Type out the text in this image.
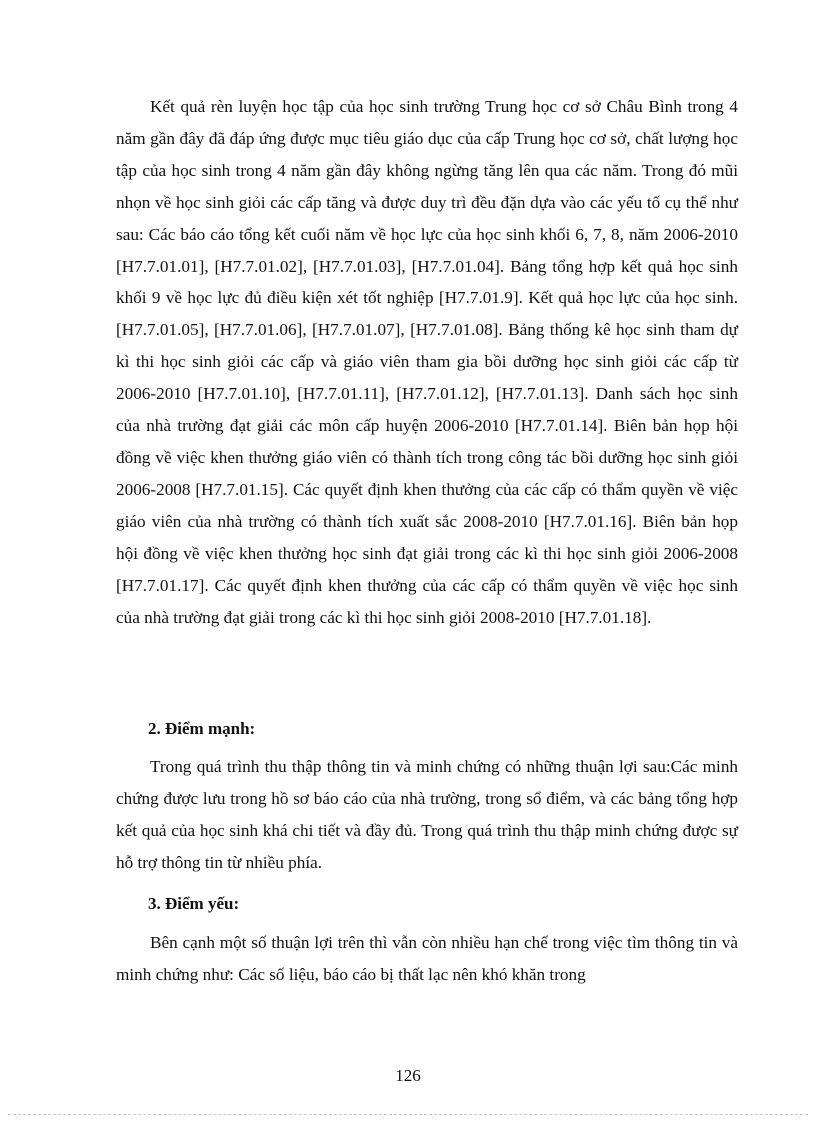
Kết quả rèn luyện học tập của học sinh trường Trung học cơ sở Châu Bình trong 4 năm gần đây đã đáp ứng được mục tiêu giáo dục của cấp Trung học cơ sở, chất lượng học tập của học sinh trong 4 năm gần đây không ngừng tăng lên qua các năm. Trong đó mũi nhọn về học sinh giỏi các cấp tăng và được duy trì đều đặn dựa vào các yếu tố cụ thể như sau: Các báo cáo tổng kết cuối năm về học lực của học sinh khối 6, 7, 8, năm 2006-2010 [H7.7.01.01], [H7.7.01.02], [H7.7.01.03], [H7.7.01.04]. Bảng tổng hợp kết quả học sinh khối 9 về học lực đủ điều kiện xét tốt nghiệp [H7.7.01.9]. Kết quả học lực của học sinh. [H7.7.01.05], [H7.7.01.06], [H7.7.01.07], [H7.7.01.08]. Bảng thống kê học sinh tham dự kì thi học sinh giỏi các cấp và giáo viên tham gia bồi dưỡng học sinh giỏi các cấp từ 2006-2010 [H7.7.01.10], [H7.7.01.11], [H7.7.01.12], [H7.7.01.13]. Danh sách học sinh của nhà trường đạt giải các môn cấp huyện 2006-2010 [H7.7.01.14]. Biên bản họp hội đồng về việc khen thưởng giáo viên có thành tích trong công tác bồi dưỡng học sinh giỏi 2006-2008 [H7.7.01.15]. Các quyết định khen thưởng của các cấp có thẩm quyền về việc giáo viên của nhà trường có thành tích xuất sắc 2008-2010 [H7.7.01.16]. Biên bản họp hội đồng về việc khen thưởng học sinh đạt giải trong các kì thi học sinh giỏi 2006-2008 [H7.7.01.17]. Các quyết định khen thưởng của các cấp có thẩm quyền về việc học sinh của nhà trường đạt giải trong các kì thi học sinh giỏi 2008-2010 [H7.7.01.18].

2. Điểm mạnh:

Trong quá trình thu thập thông tin và minh chứng có những thuận lợi sau:Các minh chứng được lưu trong hồ sơ báo cáo của nhà trường, trong sổ điểm, và các bảng tổng hợp kết quả của học sinh khá chi tiết và đầy đủ. Trong quá trình thu thập minh chứng được sự hỗ trợ thông tin từ nhiều phía.

3. Điểm yếu:

Bên cạnh một số thuận lợi trên thì vẫn còn nhiều hạn chế trong việc tìm thông tin và minh chứng như: Các số liệu, báo cáo bị thất lạc nên khó khăn trong

126
